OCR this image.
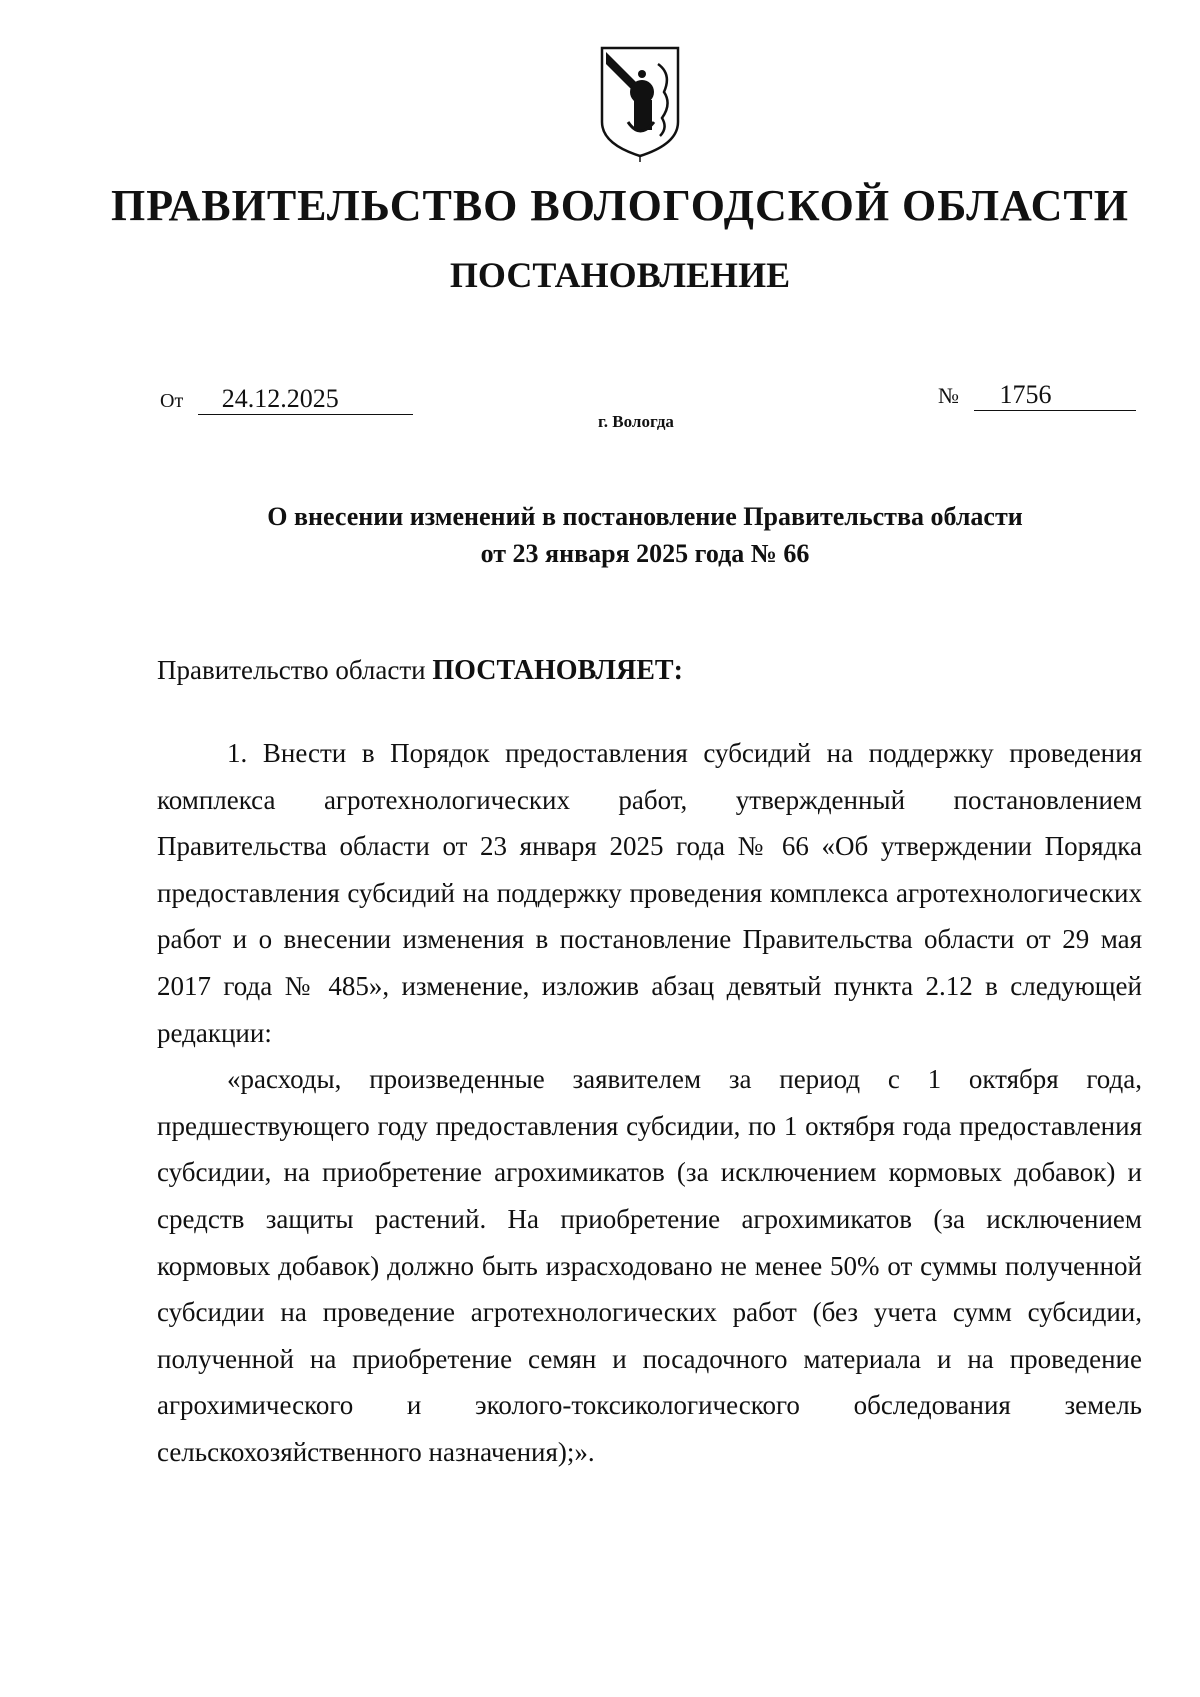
ПРАВИТЕЛЬСТВО ВОЛОГОДСКОЙ ОБЛАСТИ
ПОСТАНОВЛЕНИЕ
От 24.12.2025	№ 1756
г. Вологда
О внесении изменений в постановление Правительства области
от 23 января 2025 года № 66

Правительство области ПОСТАНОВЛЯЕТ:

1. Внести в Порядок предоставления субсидий на поддержку проведения комплекса агротехнологических работ, утвержденный постановлением Правительства области от 23 января 2025 года № 66 «Об утверждении Порядка предоставления субсидий на поддержку проведения комплекса агротехнологических работ и о внесении изменения в постановление Правительства области от 29 мая 2017 года № 485», изменение, изложив абзац девятый пункта 2.12 в следующей редакции:

«расходы, произведенные заявителем за период с 1 октября года, предшествующего году предоставления субсидии, по 1 октября года предоставления субсидии, на приобретение агрохимикатов (за исключением кормовых добавок) и средств защиты растений. На приобретение агрохимикатов (за исключением кормовых добавок) должно быть израсходовано не менее 50% от суммы полученной субсидии на проведение агротехнологических работ (без учета сумм субсидии, полученной на приобретение семян и посадочного материала и на проведение агрохимического и эколого-токсикологического обследования земель сельскохозяйственного назначения);».
